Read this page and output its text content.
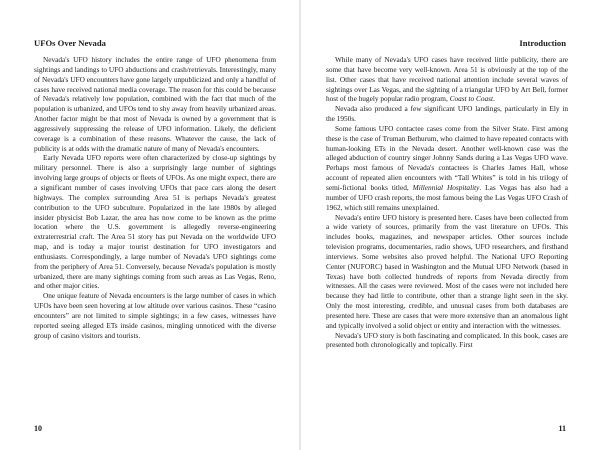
UFOs Over Nevada

Nevada's UFO history includes the entire range of UFO phenomena from sightings and landings to UFO abductions and crash/retrievals. Interestingly, many of Nevada's UFO encounters have gone largely unpublicized and only a handful of cases have received national media coverage. The reason for this could be because of Nevada's relatively low population, combined with the fact that much of the population is urbanized, and UFOs tend to shy away from heavily urbanized areas. Another factor might be that most of Nevada is owned by a government that is aggressively suppressing the release of UFO information. Likely, the deficient coverage is a combination of these reasons. Whatever the cause, the lack of publicity is at odds with the dramatic nature of many of Nevada's encounters.

Early Nevada UFO reports were often characterized by close-up sightings by military personnel. There is also a surprisingly large number of sightings involving large groups of objects or fleets of UFOs. As one might expect, there are a significant number of cases involving UFOs that pace cars along the desert highways. The complex surrounding Area 51 is perhaps Nevada's greatest contribution to the UFO subculture. Popularized in the late 1980s by alleged insider physicist Bob Lazar, the area has now come to be known as the prime location where the U.S. government is allegedly reverse-engineering extraterrestrial craft. The Area 51 story has put Nevada on the worldwide UFO map, and is today a major tourist destination for UFO investigators and enthusiasts. Correspondingly, a large number of Nevada's UFO sightings come from the periphery of Area 51. Conversely, because Nevada's population is mostly urbanized, there are many sightings coming from such areas as Las Vegas, Reno, and other major cities.

One unique feature of Nevada encounters is the large number of cases in which UFOs have been seen hovering at low altitude over various casinos. These “casino encounters” are not limited to simple sightings; in a few cases, witnesses have reported seeing alleged ETs inside casinos, mingling unnoticed with the diverse group of casino visitors and tourists.

10
Introduction

While many of Nevada's UFO cases have received little publicity, there are some that have become very well-known. Area 51 is obviously at the top of the list. Other cases that have received national attention include several waves of sightings over Las Vegas, and the sighting of a triangular UFO by Art Bell, former host of the hugely popular radio program, Coast to Coast.

Nevada also produced a few significant UFO landings, particularly in Ely in the 1950s.

Some famous UFO contactee cases come from the Silver State. First among these is the case of Truman Bethurum, who claimed to have repeated contacts with human-looking ETs in the Nevada desert. Another well-known case was the alleged abduction of country singer Johnny Sands during a Las Vegas UFO wave. Perhaps most famous of Nevada's contactees is Charles James Hall, whose account of repeated alien encounters with “Tall Whites” is told in his trilogy of semi-fictional books titled, Millennial Hospitality. Las Vegas has also had a number of UFO crash reports, the most famous being the Las Vegas UFO Crash of 1962, which still remains unexplained.

Nevada's entire UFO history is presented here. Cases have been collected from a wide variety of sources, primarily from the vast literature on UFOs. This includes books, magazines, and newspaper articles. Other sources include television programs, documentaries, radio shows, UFO researchers, and firsthand interviews. Some websites also proved helpful. The National UFO Reporting Center (NUFORC) based in Washington and the Mutual UFO Network (based in Texas) have both collected hundreds of reports from Nevada directly from witnesses. All the cases were reviewed. Most of the cases were not included here because they had little to contribute, other than a strange light seen in the sky. Only the most interesting, credible, and unusual cases from both databases are presented here. These are cases that were more extensive than an anomalous light and typically involved a solid object or entity and interaction with the witnesses.

Nevada's UFO story is both fascinating and complicated. In this book, cases are presented both chronologically and topically. First

11
